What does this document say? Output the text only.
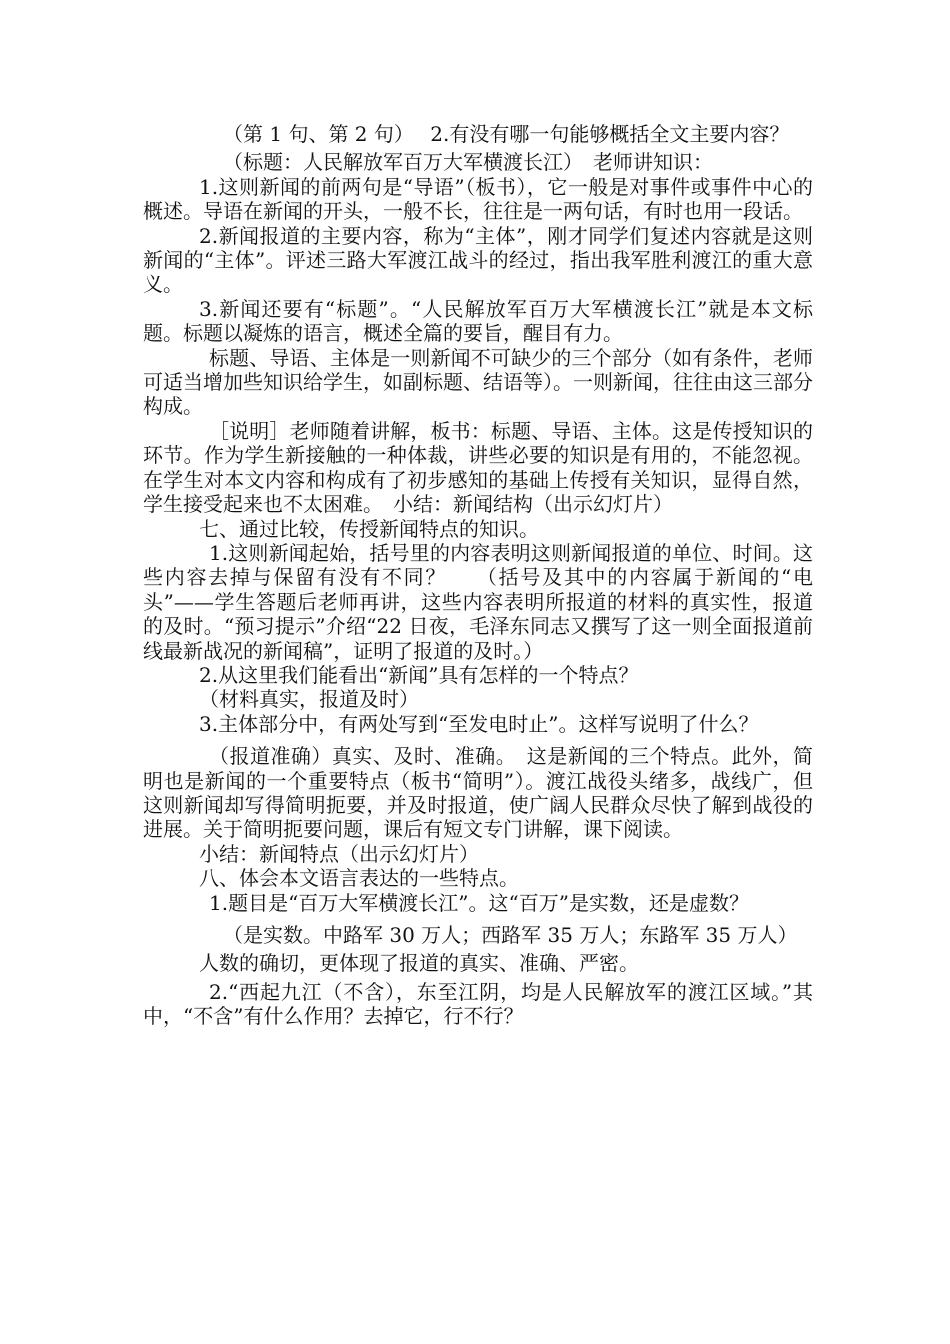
（第 1 句、第 2 句）　 2.有没有哪一句能够概括全文主要内容？

（标题：人民解放军百万大军横渡长江）　老师讲知识：

1.这则新闻的前两句是“导语”（板书），它一般是对事件或事件中心的概述。导语在新闻的开头，一般不长，往往是一两句话，有时也用一段话。

2.新闻报道的主要内容，称为“主体”，刚才同学们复述内容就是这则新闻的“主体”。评述三路大军渡江战斗的经过，指出我军胜利渡江的重大意义。

3.新闻还要有“标题”。“人民解放军百万大军横渡长江”就是本文标题。标题以凝炼的语言，概述全篇的要旨，醒目有力。

标题、导语、主体是一则新闻不可缺少的三个部分（如有条件，老师可适当增加些知识给学生，如副标题、结语等）。一则新闻，往往由这三部分构成。

［说明］老师随着讲解，板书：标题、导语、主体。这是传授知识的环节。作为学生新接触的一种体裁，讲些必要的知识是有用的，不能忽视。在学生对本文内容和构成有了初步感知的基础上传授有关知识，显得自然，学生接受起来也不太困难。　小结：新闻结构（出示幻灯片）

七、通过比较，传授新闻特点的知识。

1.这则新闻起始，括号里的内容表明这则新闻报道的单位、时间。这些内容去掉与保留有没有不同？　 （括号及其中的内容属于新闻的“电头”——学生答题后老师再讲，这些内容表明所报道的材料的真实性，报道的及时。“预习提示”介绍“22 日夜，毛泽东同志又撰写了这一则全面报道前线最新战况的新闻稿”，证明了报道的及时。）

2.从这里我们能看出“新闻”具有怎样的一个特点？

（材料真实，报道及时）

3.主体部分中，有两处写到“至发电时止”。这样写说明了什么？

（报道准确）真实、及时、准确。　这是新闻的三个特点。此外，简明也是新闻的一个重要特点（板书“简明”）。渡江战役头绪多，战线广，但这则新闻却写得简明扼要，并及时报道，使广阔人民群众尽快了解到战役的进展。关于简明扼要问题，课后有短文专门讲解，课下阅读。

小结：新闻特点（出示幻灯片）

八、体会本文语言表达的一些特点。

1.题目是“百万大军横渡长江”。这“百万”是实数，还是虚数？

（是实数。中路军 30 万人；西路军 35 万人；东路军 35 万人）

人数的确切，更体现了报道的真实、准确、严密。

2.“西起九江（不含），东至江阴，均是人民解放军的渡江区域。”其中，“不含”有什么作用？去掉它，行不行？
